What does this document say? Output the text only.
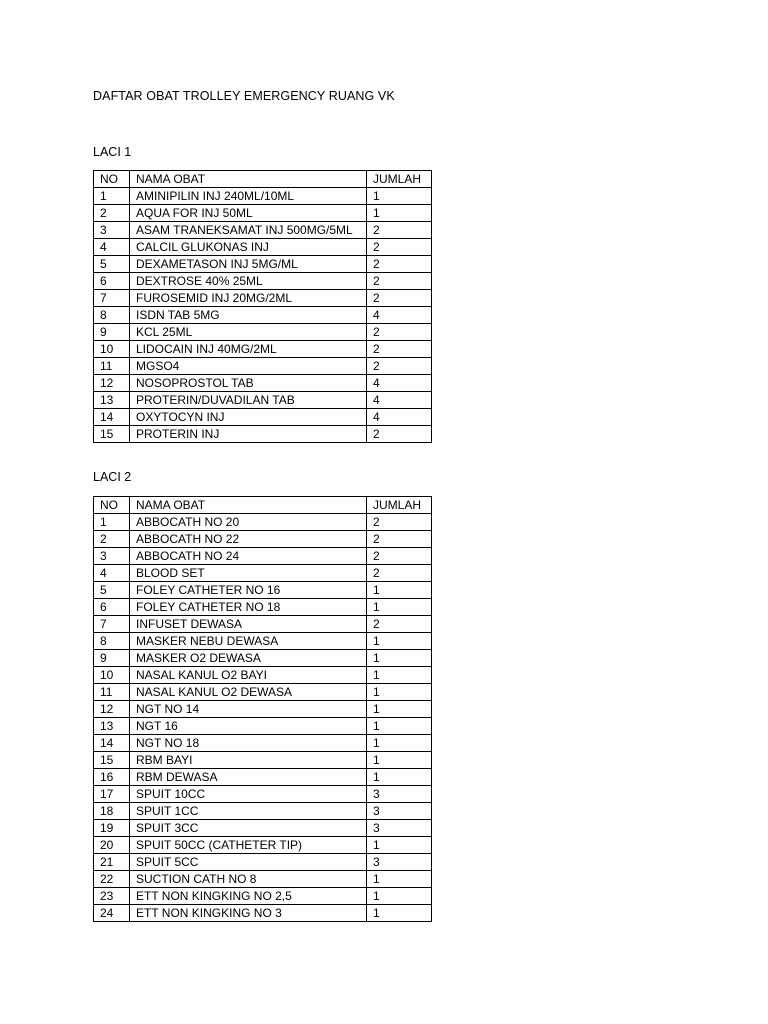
DAFTAR OBAT TROLLEY EMERGENCY RUANG VK
LACI 1
NO	NAMA OBAT	JUMLAH
1	AMINIPILIN INJ 240ML/10ML	1
2	AQUA FOR INJ 50ML	1
3	ASAM TRANEKSAMAT INJ 500MG/5ML	2
4	CALCIL GLUKONAS INJ	2
5	DEXAMETASON INJ 5MG/ML	2
6	DEXTROSE 40% 25ML	2
7	FUROSEMID INJ 20MG/2ML	2
8	ISDN TAB 5MG	4
9	KCL 25ML	2
10	LIDOCAIN INJ 40MG/2ML	2
11	MGSO4	2
12	NOSOPROSTOL TAB	4
13	PROTERIN/DUVADILAN TAB	4
14	OXYTOCYN INJ	4
15	PROTERIN INJ	2
LACI 2
NO	NAMA OBAT	JUMLAH
1	ABBOCATH NO 20	2
2	ABBOCATH NO 22	2
3	ABBOCATH NO 24	2
4	BLOOD SET	2
5	FOLEY CATHETER NO 16	1
6	FOLEY CATHETER NO 18	1
7	INFUSET DEWASA	2
8	MASKER NEBU DEWASA	1
9	MASKER O2 DEWASA	1
10	NASAL KANUL O2 BAYI	1
11	NASAL KANUL O2 DEWASA	1
12	NGT NO 14	1
13	NGT 16	1
14	NGT NO 18	1
15	RBM BAYI	1
16	RBM DEWASA	1
17	SPUIT 10CC	3
18	SPUIT 1CC	3
19	SPUIT 3CC	3
20	SPUIT 50CC (CATHETER TIP)	1
21	SPUIT 5CC	3
22	SUCTION CATH NO 8	1
23	ETT NON KINGKING NO 2,5	1
24	ETT NON KINGKING NO 3	1
